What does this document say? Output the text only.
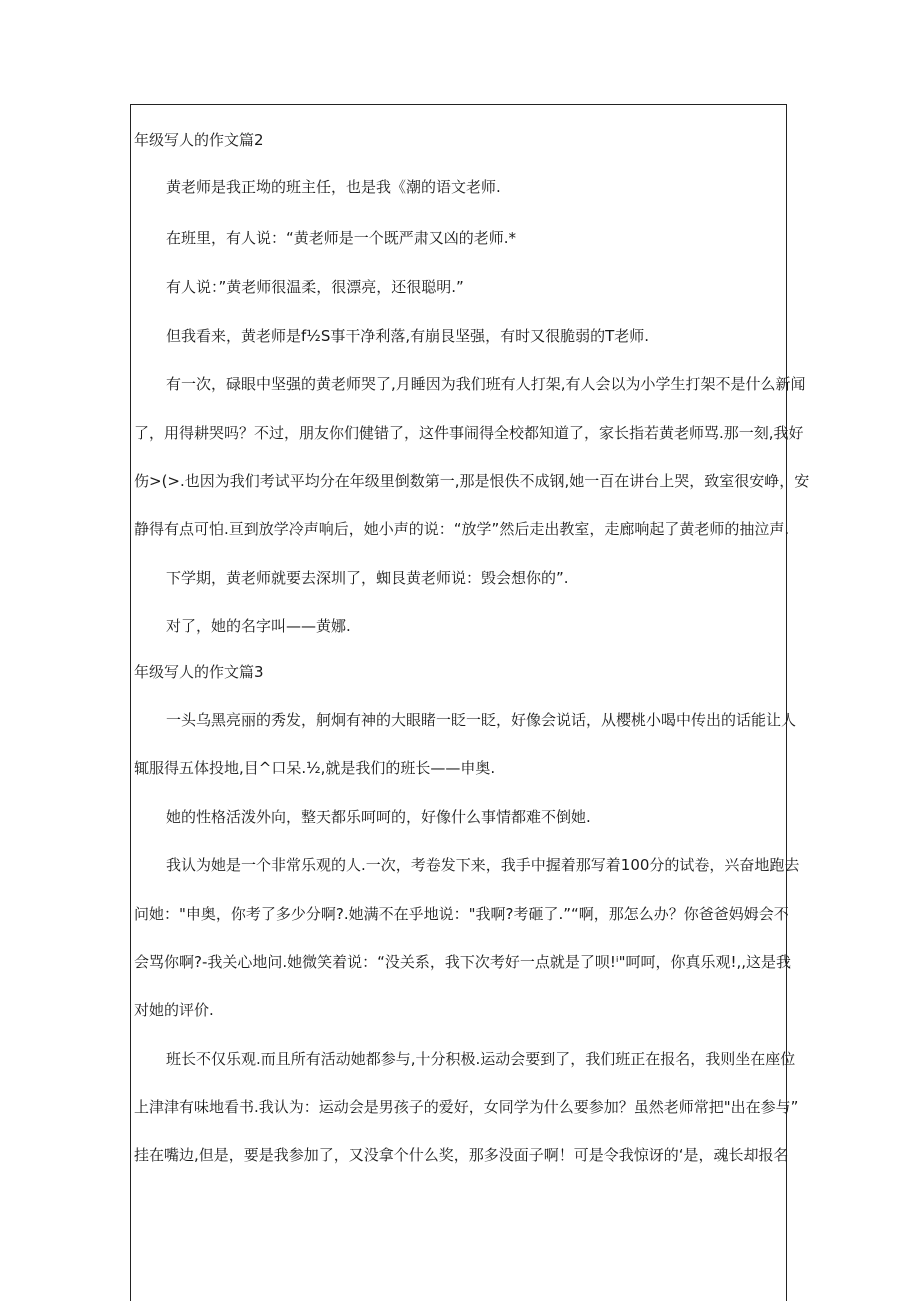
年级写人的作文篇2
黄老师是我正坳的班主任，也是我《潮的语文老师.
在班里，有人说：“黄老师是一个既严肃又凶的老师.*
有人说：”黄老师很温柔，很漂亮，还很聪明.”
但我看来，黄老师是f½S事干净利落,有崩艮坚强，有时又很脆弱的T老师.
有一次，碌眼中坚强的黄老师哭了,月睡因为我们班有人打架,有人会以为小学生打架不是什么新闻
了，用得耕哭吗？不过，朋友你们健错了，这件事闹得全校都知道了，家长指若黄老师骂.那一刻,我好
伤>(>.也因为我们考试平均分在年级里倒数第一,那是恨佚不成钢,她一百在讲台上哭，致室很安峥，安
静得有点可怕.亘到放学冷声响后，她小声的说：“放学”然后走出教室，走廊响起了黄老师的抽泣声.
下学期，黄老师就要去深圳了，蜘艮黄老师说：毁会想你的”.
对了，她的名字叫——黄娜.
年级写人的作文篇3
一头乌黑亮丽的秀发，舸炯有神的大眼睹一眨一眨，好像会说话，从樱桃小喝中传出的话能让人
辄服得五体投地,目^口呆.½,就是我们的班长——申奥.
她的性格活泼外向，整天都乐呵呵的，好像什么事情都难不倒她.
我认为她是一个非常乐观的人.一次，考卷发下来，我手中握着那写着100分的试卷，兴奋地跑去
问她："申奥，你考了多少分啊?.她满不在乎地说："我啊?考砸了.”“啊，那怎么办？你爸爸妈姆会不
会骂你啊?-我关心地问.她微笑着说：“没关系，我下次考好一点就是了呗!ⁱ"呵呵，你真乐观!,,这是我
对她的评价.
班长不仅乐观.而且所有活动她都参与,十分积极.运动会要到了，我们班正在报名，我则坐在座位
上津津有味地看书.我认为：运动会是男孩子的爱好，女同学为什么要参加？虽然老师常把"出在参与”
挂在嘴边,但是，要是我参加了，又没拿个什么奖，那多没面子啊！可是令我惊讶的‘是，魂长却报名
